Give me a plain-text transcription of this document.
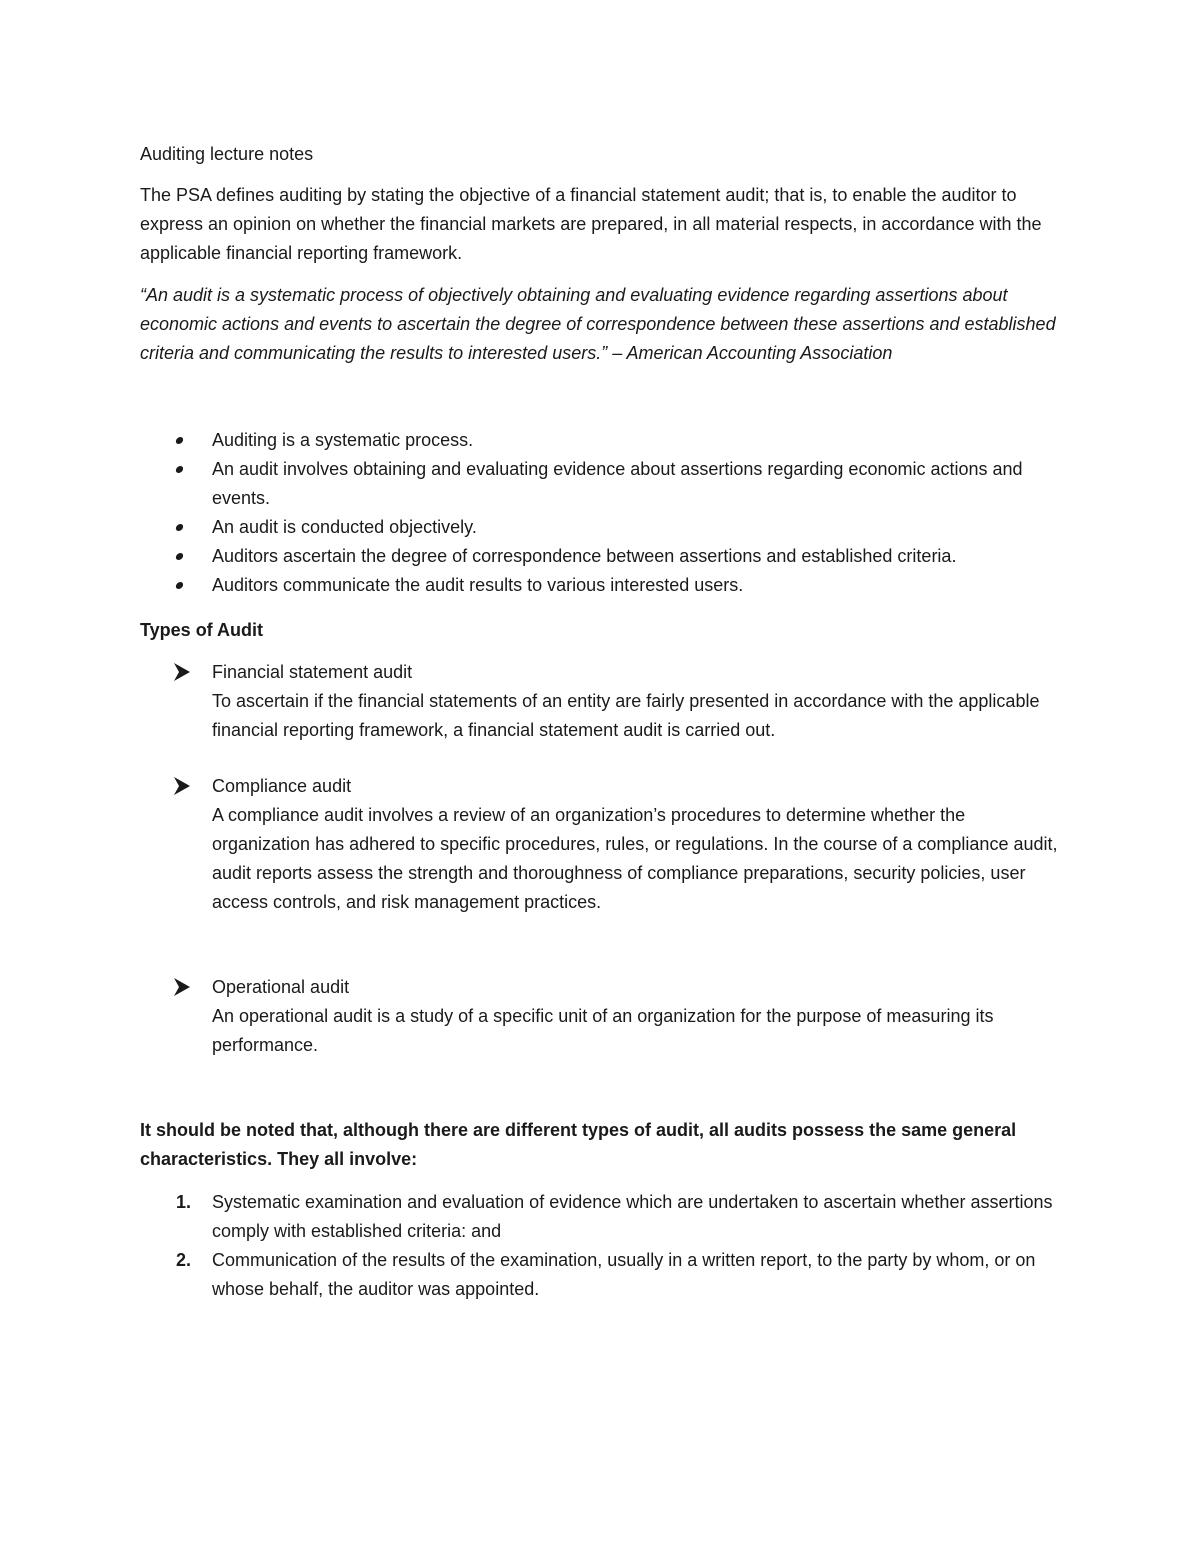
Auditing lecture notes

The PSA defines auditing by stating the objective of a financial statement audit; that is, to enable the auditor to express an opinion on whether the financial markets are prepared, in all material respects, in accordance with the applicable financial reporting framework.

“An audit is a systematic process of objectively obtaining and evaluating evidence regarding assertions about economic actions and events to ascertain the degree of correspondence between these assertions and established criteria and communicating the results to interested users.” – American Accounting Association

Auditing is a systematic process.
An audit involves obtaining and evaluating evidence about assertions regarding economic actions and events.
An audit is conducted objectively.
Auditors ascertain the degree of correspondence between assertions and established criteria.
Auditors communicate the audit results to various interested users.

Types of Audit

Financial statement audit

To ascertain if the financial statements of an entity are fairly presented in accordance with the applicable financial reporting framework, a financial statement audit is carried out.

Compliance audit

A compliance audit involves a review of an organization’s procedures to determine whether the organization has adhered to specific procedures, rules, or regulations. In the course of a compliance audit, audit reports assess the strength and thoroughness of compliance preparations, security policies, user access controls, and risk management practices.

Operational audit

An operational audit is a study of a specific unit of an organization for the purpose of measuring its performance.

It should be noted that, although there are different types of audit, all audits possess the same general characteristics. They all involve:

1. Systematic examination and evaluation of evidence which are undertaken to ascertain whether assertions comply with established criteria: and
2. Communication of the results of the examination, usually in a written report, to the party by whom, or on whose behalf, the auditor was appointed.
